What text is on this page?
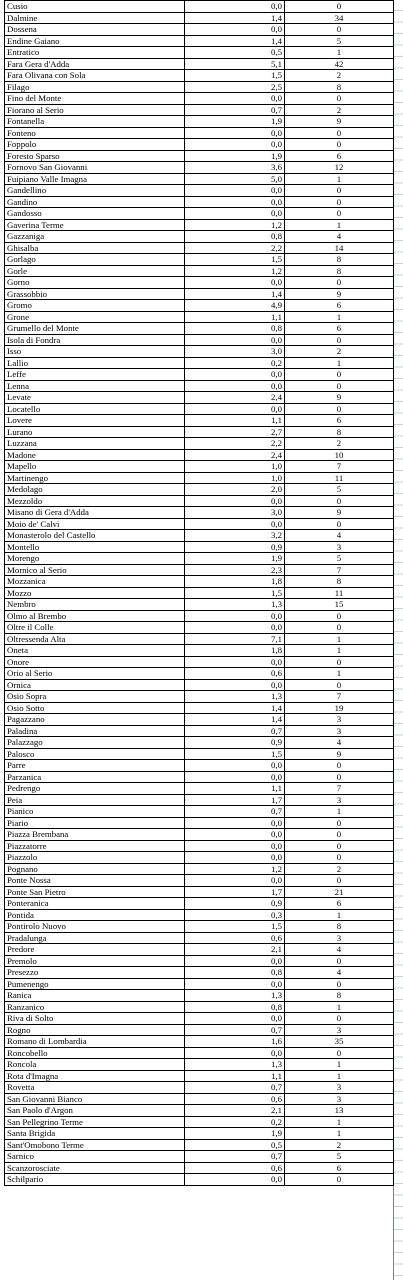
Cusio	0,0	0
Dalmine	1,4	34
Dossena	0,0	0
Endine Gaiano	1,4	5
Entratico	0,5	1
Fara Gera d'Adda	5,1	42
Fara Olivana con Sola	1,5	2
Filago	2,5	8
Fino del Monte	0,0	0
Fiorano al Serio	0,7	2
Fontanella	1,9	9
Fonteno	0,0	0
Foppolo	0,0	0
Foresto Sparso	1,9	6
Fornovo San Giovanni	3,6	12
Fuipiano Valle Imagna	5,0	1
Gandellino	0,0	0
Gandino	0,0	0
Gandosso	0,0	0
Gaverina Terme	1,2	1
Gazzaniga	0,8	4
Ghisalba	2,2	14
Gorlago	1,5	8
Gorle	1,2	8
Gorno	0,0	0
Grassobbio	1,4	9
Gromo	4,9	6
Grone	1,1	1
Grumello del Monte	0,8	6
Isola di Fondra	0,0	0
Isso	3,0	2
Lallio	0,2	1
Leffe	0,0	0
Lenna	0,0	0
Levate	2,4	9
Locatello	0,0	0
Lovere	1,1	6
Lurano	2,7	8
Luzzana	2,2	2
Madone	2,4	10
Mapello	1,0	7
Martinengo	1,0	11
Medolago	2,0	5
Mezzoldo	0,0	0
Misano di Gera d'Adda	3,0	9
Moio de' Calvi	0,0	0
Monasterolo del Castello	3,2	4
Montello	0,9	3
Morengo	1,9	5
Mornico al Serio	2,3	7
Mozzanica	1,8	8
Mozzo	1,5	11
Nembro	1,3	15
Olmo al Brembo	0,0	0
Oltre il Colle	0,0	0
Oltressenda Alta	7,1	1
Oneta	1,8	1
Onore	0,0	0
Orio al Serio	0,6	1
Ornica	0,0	0
Osio Sopra	1,3	7
Osio Sotto	1,4	19
Pagazzano	1,4	3
Paladina	0,7	3
Palazzago	0,9	4
Palosco	1,5	9
Parre	0,0	0
Parzanica	0,0	0
Pedrengo	1,1	7
Peia	1,7	3
Pianico	0,7	1
Piario	0,0	0
Piazza Brembana	0,0	0
Piazzatorre	0,0	0
Piazzolo	0,0	0
Pognano	1,2	2
Ponte Nossa	0,0	0
Ponte San Pietro	1,7	21
Ponteranica	0,9	6
Pontida	0,3	1
Pontirolo Nuovo	1,5	8
Pradalunga	0,6	3
Predore	2,1	4
Premolo	0,0	0
Presezzo	0,8	4
Pumenengo	0,0	0
Ranica	1,3	8
Ranzanico	0,8	1
Riva di Solto	0,0	0
Rogno	0,7	3
Romano di Lombardia	1,6	35
Roncobello	0,0	0
Roncola	1,3	1
Rota d'Imagna	1,1	1
Rovetta	0,7	3
San Giovanni Bianco	0,6	3
San Paolo d'Argon	2,1	13
San Pellegrino Terme	0,2	1
Santa Brigida	1,9	1
Sant'Omobono Terme	0,5	2
Sarnico	0,7	5
Scanzorosciate	0,6	6
Schilpario	0,0	0
